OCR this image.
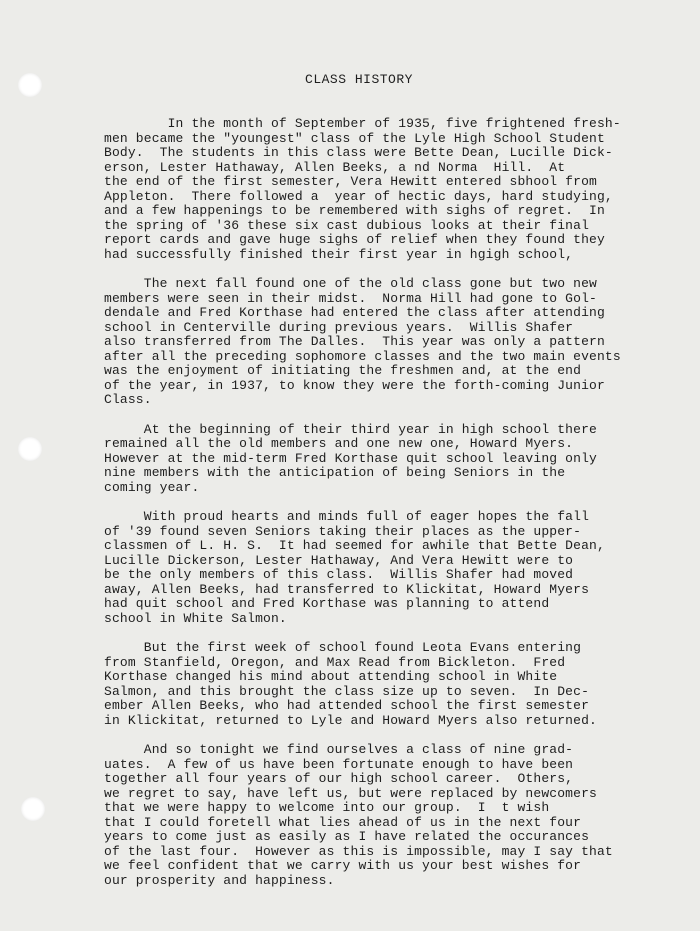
CLASS HISTORY
In the month of September of 1935, five frightened fresh-
men became the "youngest" class of the Lyle High School Student
Body.  The students in this class were Bette Dean, Lucille Dick-
erson, Lester Hathaway, Allen Beeks, a nd Norma  Hill.  At
the end of the first semester, Vera Hewitt entered sbhool from
Appleton.  There followed a  year of hectic days, hard studying,
and a few happenings to be remembered with sighs of regret.  In
the spring of '36 these six cast dubious looks at their final
report cards and gave huge sighs of relief when they found they
had successfully finished their first year in hgigh school,
The next fall found one of the old class gone but two new
members were seen in their midst.  Norma Hill had gone to Gol-
dendale and Fred Korthase had entered the class after attending
school in Centerville during previous years.  Willis Shafer
also transferred from The Dalles.  This year was only a pattern
after all the preceding sophomore classes and the two main events
was the enjoyment of initiating the freshmen and, at the end
of the year, in 1937, to know they were the forth-coming Junior
Class.
At the beginning of their third year in high school there
remained all the old members and one new one, Howard Myers.
However at the mid-term Fred Korthase quit school leaving only
nine members with the anticipation of being Seniors in the
coming year.
With proud hearts and minds full of eager hopes the fall
of '39 found seven Seniors taking their places as the upper-
classmen of L. H. S.  It had seemed for awhile that Bette Dean,
Lucille Dickerson, Lester Hathaway, And Vera Hewitt were to
be the only members of this class.  Willis Shafer had moved
away, Allen Beeks, had transferred to Klickitat, Howard Myers
had quit school and Fred Korthase was planning to attend
school in White Salmon.
But the first week of school found Leota Evans entering
from Stanfield, Oregon, and Max Read from Bickleton.  Fred
Korthase changed his mind about attending school in White
Salmon, and this brought the class size up to seven.  In Dec-
ember Allen Beeks, who had attended school the first semester
in Klickitat, returned to Lyle and Howard Myers also returned.
And so tonight we find ourselves a class of nine grad-
uates.  A few of us have been fortunate enough to have been
together all four years of our high school career.  Others,
we regret to say, have left us, but were replaced by newcomers
that we were happy to welcome into our group.  I  t wish
that I could foretell what lies ahead of us in the next four
years to come just as easily as I have related the occurances
of the last four.  However as this is impossible, may I say that
we feel confident that we carry with us your best wishes for
our prosperity and happiness.
